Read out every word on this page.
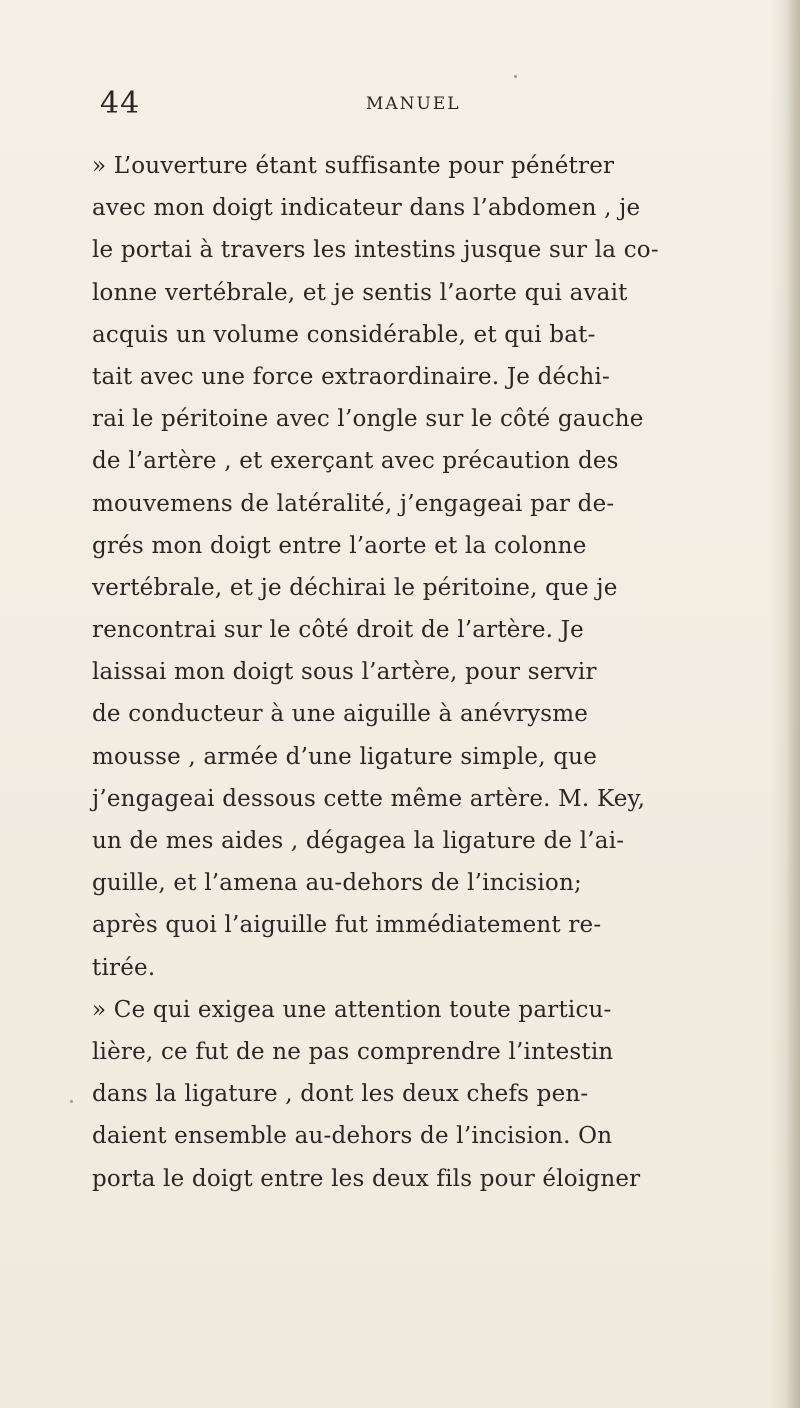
44	MANUEL
» L’ouverture étant suffisante pour pénétrer
avec mon doigt indicateur dans l’abdomen , je
le portai à travers les intestins jusque sur la co-
lonne vertébrale, et je sentis l’aorte qui avait
acquis un volume considérable, et qui bat-
tait avec une force extraordinaire. Je déchi-
rai le péritoine avec l’ongle sur le côté gauche
de l’artère , et exerçant avec précaution des
mouvemens de latéralité, j’engageai par de-
grés mon doigt entre l’aorte et la colonne
vertébrale, et je déchirai le péritoine, que je
rencontrai sur le côté droit de l’artère. Je
laissai mon doigt sous l’artère, pour servir
de conducteur à une aiguille à anévrysme
mousse , armée d’une ligature simple, que
j’engageai dessous cette même artère. M. Key,
un de mes aides , dégagea la ligature de l’ai-
guille, et l’amena au-dehors de l’incision;
après quoi l’aiguille fut immédiatement re-
tirée.
» Ce qui exigea une attention toute particu-
lière, ce fut de ne pas comprendre l’intestin
dans la ligature , dont les deux chefs pen-
daient ensemble au-dehors de l’incision. On
porta le doigt entre les deux fils pour éloigner
